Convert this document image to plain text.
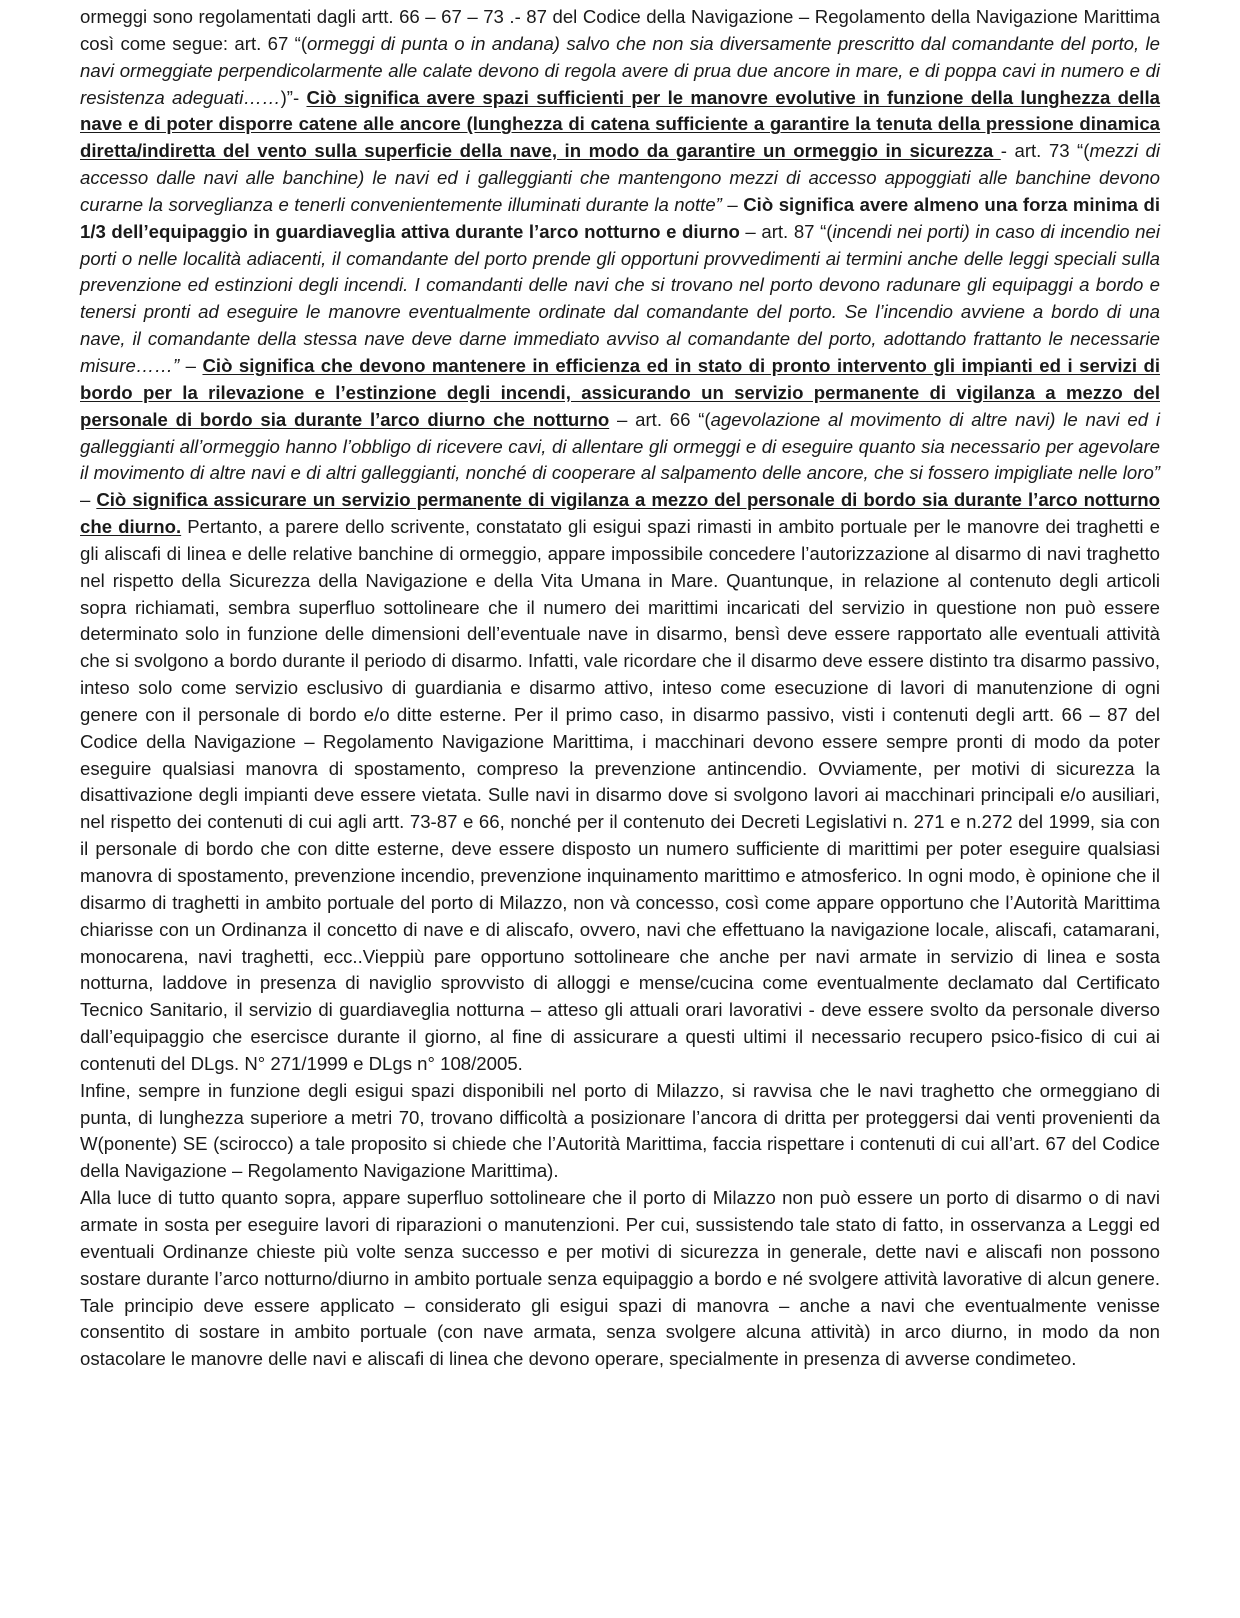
ormeggi sono regolamentati dagli artt. 66 – 67 – 73 .- 87 del Codice della Navigazione – Regolamento della Navigazione Marittima così come segue: art. 67 “(ormeggi di punta o in andana) salvo che non sia diversamente prescritto dal comandante del porto, le navi ormeggiate perpendicolarmente alle calate devono di regola avere di prua due ancore in mare, e di poppa cavi in numero e di resistenza adeguati……)”- Ciò significa avere spazi sufficienti per le manovre evolutive in funzione della lunghezza della nave e di poter disporre catene alle ancore (lunghezza di catena sufficiente a garantire la tenuta della pressione dinamica diretta/indiretta del vento sulla superficie della nave, in modo da garantire un ormeggio in sicurezza - art. 73 “(mezzi di accesso dalle navi alle banchine) le navi ed i galleggianti che mantengono mezzi di accesso appoggiati alle banchine devono curarne la sorveglianza e tenerli convenientemente illuminati durante la notte” – Ciò significa avere almeno una forza minima di 1/3 dell’equipaggio in guardiaveglia attiva durante l’arco notturno e diurno – art. 87 “(incendi nei porti) in caso di incendio nei porti o nelle località adiacenti, il comandante del porto prende gli opportuni provvedimenti ai termini anche delle leggi speciali sulla prevenzione ed estinzioni degli incendi. I comandanti delle navi che si trovano nel porto devono radunare gli equipaggi a bordo e tenersi pronti ad eseguire le manovre eventualmente ordinate dal comandante del porto. Se l’incendio avviene a bordo di una nave, il comandante della stessa nave deve darne immediato avviso al comandante del porto, adottando frattanto le necessarie misure……” – Ciò significa che devono mantenere in efficienza ed in stato di pronto intervento gli impianti ed i servizi di bordo per la rilevazione e l’estinzione degli incendi, assicurando un servizio permanente di vigilanza a mezzo del personale di bordo sia durante l’arco diurno che notturno – art. 66 “(agevolazione al movimento di altre navi) le navi ed i galleggianti all’ormeggio hanno l’obbligo di ricevere cavi, di allentare gli ormeggi e di eseguire quanto sia necessario per agevolare il movimento di altre navi e di altri galleggianti, nonché di cooperare al salpamento delle ancore, che si fossero impigliate nelle loro” – Ciò significa assicurare un servizio permanente di vigilanza a mezzo del personale di bordo sia durante l’arco notturno che diurno. Pertanto, a parere dello scrivente, constatato gli esigui spazi rimasti in ambito portuale per le manovre dei traghetti e gli aliscafi di linea e delle relative banchine di ormeggio, appare impossibile concedere l’autorizzazione al disarmo di navi traghetto nel rispetto della Sicurezza della Navigazione e della Vita Umana in Mare. Quantunque, in relazione al contenuto degli articoli sopra richiamati, sembra superfluo sottolineare che il numero dei marittimi incaricati del servizio in questione non può essere determinato solo in funzione delle dimensioni dell’eventuale nave in disarmo, bensì deve essere rapportato alle eventuali attività che si svolgono a bordo durante il periodo di disarmo. Infatti, vale ricordare che il disarmo deve essere distinto tra disarmo passivo, inteso solo come servizio esclusivo di guardiania e disarmo attivo, inteso come esecuzione di lavori di manutenzione di ogni genere con il personale di bordo e/o ditte esterne. Per il primo caso, in disarmo passivo, visti i contenuti degli artt. 66 – 87 del Codice della Navigazione – Regolamento Navigazione Marittima, i macchinari devono essere sempre pronti di modo da poter eseguire qualsiasi manovra di spostamento, compreso la prevenzione antincendio. Ovviamente, per motivi di sicurezza la disattivazione degli impianti deve essere vietata. Sulle navi in disarmo dove si svolgono lavori ai macchinari principali e/o ausiliari, nel rispetto dei contenuti di cui agli artt. 73-87 e 66, nonché per il contenuto dei Decreti Legislativi n. 271 e n.272 del 1999, sia con il personale di bordo che con ditte esterne, deve essere disposto un numero sufficiente di marittimi per poter eseguire qualsiasi manovra di spostamento, prevenzione incendio, prevenzione inquinamento marittimo e atmosferico. In ogni modo, è opinione che il disarmo di traghetti in ambito portuale del porto di Milazzo, non và concesso, così come appare opportuno che l’Autorità Marittima chiarisse con un Ordinanza il concetto di nave e di aliscafo, ovvero, navi che effettuano la navigazione locale, aliscafi, catamarani, monocarena, navi traghetti, ecc..Vieppiù pare opportuno sottolineare che anche per navi armate in servizio di linea e sosta notturna, laddove in presenza di naviglio sprovvisto di alloggi e mense/cucina come eventualmente declamato dal Certificato Tecnico Sanitario, il servizio di guardiaveglia notturna – atteso gli attuali orari lavorativi - deve essere svolto da personale diverso dall’equipaggio che esercisce durante il giorno, al fine di assicurare a questi ultimi il necessario recupero psico-fisico di cui ai contenuti del DLgs. N° 271/1999 e DLgs n° 108/2005.

Infine, sempre in funzione degli esigui spazi disponibili nel porto di Milazzo, si ravvisa che le navi traghetto che ormeggiano di punta, di lunghezza superiore a metri 70, trovano difficoltà a posizionare l’ancora di dritta per proteggersi dai venti provenienti da W(ponente) SE (scirocco) a tale proposito si chiede che l’Autorità Marittima, faccia rispettare i contenuti di cui all’art. 67 del Codice della Navigazione – Regolamento Navigazione Marittima).

Alla luce di tutto quanto sopra, appare superfluo sottolineare che il porto di Milazzo non può essere un porto di disarmo o di navi armate in sosta per eseguire lavori di riparazioni o manutenzioni. Per cui, sussistendo tale stato di fatto, in osservanza a Leggi ed eventuali Ordinanze chieste più volte senza successo e per motivi di sicurezza in generale, dette navi e aliscafi non possono sostare durante l’arco notturno/diurno in ambito portuale senza equipaggio a bordo e né svolgere attività lavorative di alcun genere. Tale principio deve essere applicato – considerato gli esigui spazi di manovra – anche a navi che eventualmente venisse consentito di sostare in ambito portuale (con nave armata, senza svolgere alcuna attività) in arco diurno, in modo da non ostacolare le manovre delle navi e aliscafi di linea che devono operare, specialmente in presenza di avverse condimeteo.
